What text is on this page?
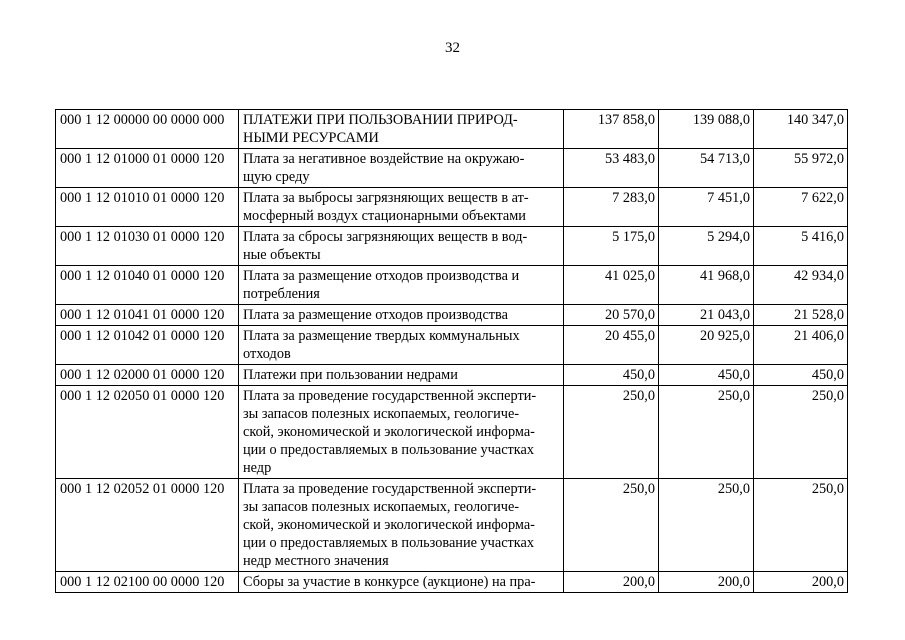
32
000 1 12 00000 00 0000 000	ПЛАТЕЖИ ПРИ ПОЛЬЗОВАНИИ ПРИРОД-
НЫМИ РЕСУРСАМИ	137 858,0	139 088,0	140 347,0
000 1 12 01000 01 0000 120	Плата за негативное воздействие на окружаю-
щую среду	53 483,0	54 713,0	55 972,0
000 1 12 01010 01 0000 120	Плата за выбросы загрязняющих веществ в ат-
мосферный воздух стационарными объектами	7 283,0	7 451,0	7 622,0
000 1 12 01030 01 0000 120	Плата за сбросы загрязняющих веществ в вод-
ные объекты	5 175,0	5 294,0	5 416,0
000 1 12 01040 01 0000 120	Плата за размещение отходов производства и
потребления	41 025,0	41 968,0	42 934,0
000 1 12 01041 01 0000 120	Плата за размещение отходов производства	20 570,0	21 043,0	21 528,0
000 1 12 01042 01 0000 120	Плата за размещение твердых коммунальных
отходов	20 455,0	20 925,0	21 406,0
000 1 12 02000 01 0000 120	Платежи при пользовании недрами	450,0	450,0	450,0
000 1 12 02050 01 0000 120	Плата за проведение государственной эксперти-
зы запасов полезных ископаемых, геологиче-
ской, экономической и экологической информа-
ции о предоставляемых в пользование участках
недр	250,0	250,0	250,0
000 1 12 02052 01 0000 120	Плата за проведение государственной эксперти-
зы запасов полезных ископаемых, геологиче-
ской, экономической и экологической информа-
ции о предоставляемых в пользование участках
недр местного значения	250,0	250,0	250,0
000 1 12 02100 00 0000 120	Сборы за участие в конкурсе (аукционе) на пра-	200,0	200,0	200,0
